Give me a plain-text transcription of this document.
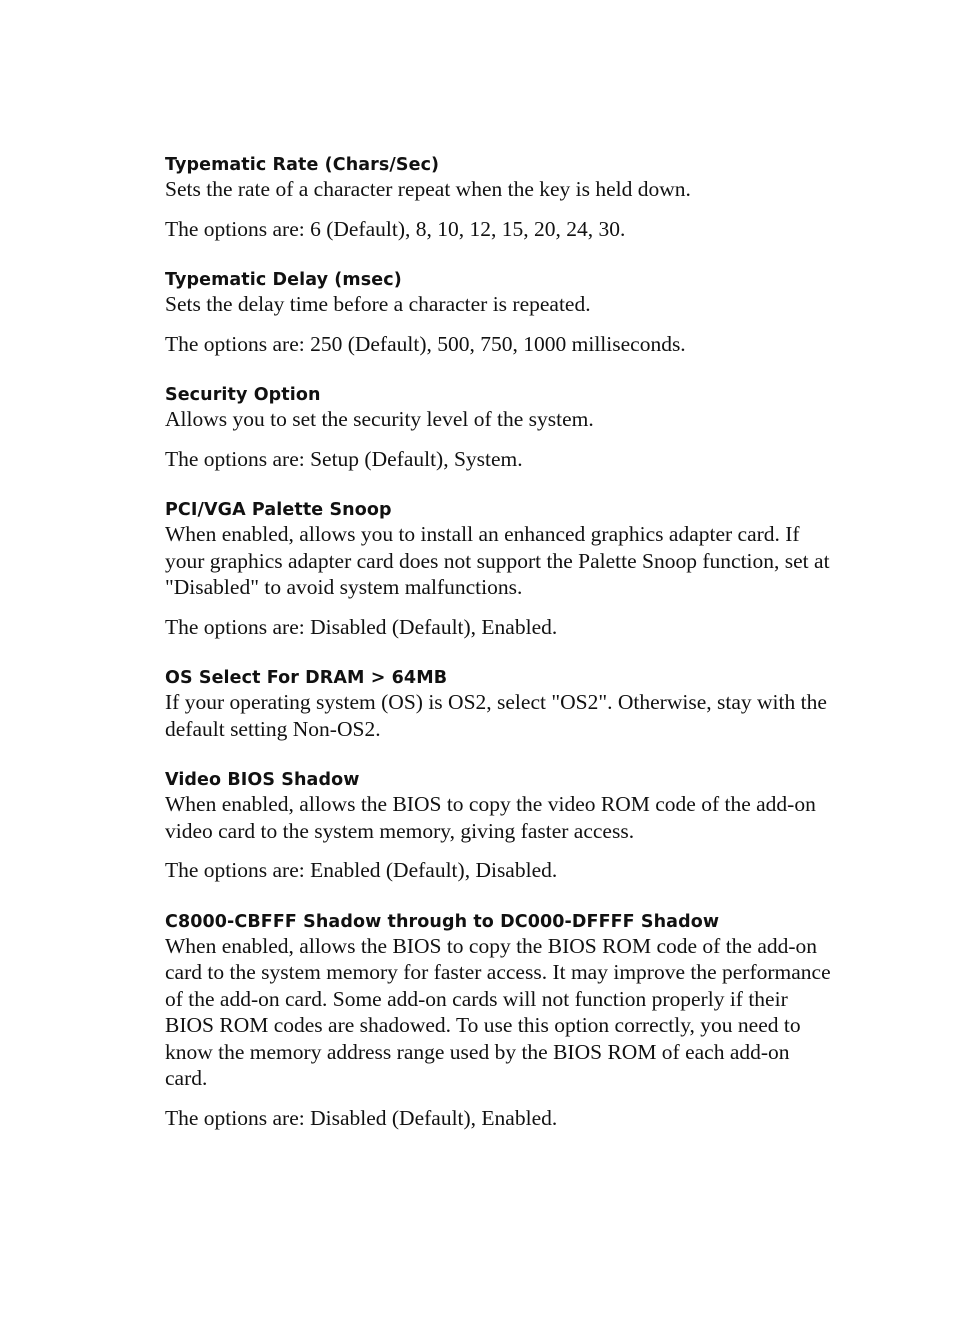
Typematic Rate (Chars/Sec)

Sets the rate of a character repeat when the key is held down.

The options are: 6 (Default), 8, 10, 12, 15, 20, 24, 30.

Typematic Delay (msec)

Sets the delay time before a character is repeated.

The options are: 250 (Default), 500, 750, 1000 milliseconds.

Security Option

Allows you to set the security level of the system.

The options are: Setup (Default), System.

PCI/VGA Palette Snoop

When enabled, allows you to install an enhanced graphics adapter card. If your graphics adapter card does not support the Palette Snoop function, set at "Disabled" to avoid system malfunctions.

The options are: Disabled (Default), Enabled.

OS Select For DRAM > 64MB

If your operating system (OS) is OS2, select "OS2". Otherwise, stay with the default setting Non-OS2.

Video BIOS Shadow

When enabled, allows the BIOS to copy the video ROM code of the add-on video card to the system memory, giving faster access.

The options are: Enabled (Default), Disabled.

C8000-CBFFF Shadow through to DC000-DFFFF Shadow

When enabled, allows the BIOS to copy the BIOS ROM code of the add-on card to the system memory for faster access. It may improve the performance of the add-on card. Some add-on cards will not function properly if their BIOS ROM codes are shadowed. To use this option correctly, you need to know the memory address range used by the BIOS ROM of each add-on card.

The options are: Disabled (Default), Enabled.
